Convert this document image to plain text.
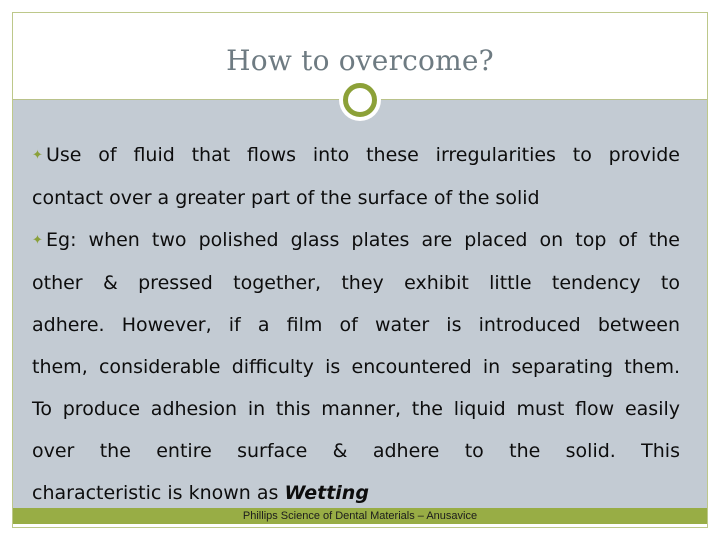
How to overcome?
✦ Use of fluid that flows into these irregularities to provide
contact over a greater part of the surface of the solid
✦ Eg: when two polished glass plates are placed on top of the
other & pressed together, they exhibit little tendency to
adhere. However, if a film of water is introduced between
them, considerable difficulty is encountered in separating them.
To produce adhesion in this manner, the liquid must flow easily
over the entire surface & adhere to the solid. This
characteristic is known as Wetting
Phillips Science of Dental Materials – Anusavice
